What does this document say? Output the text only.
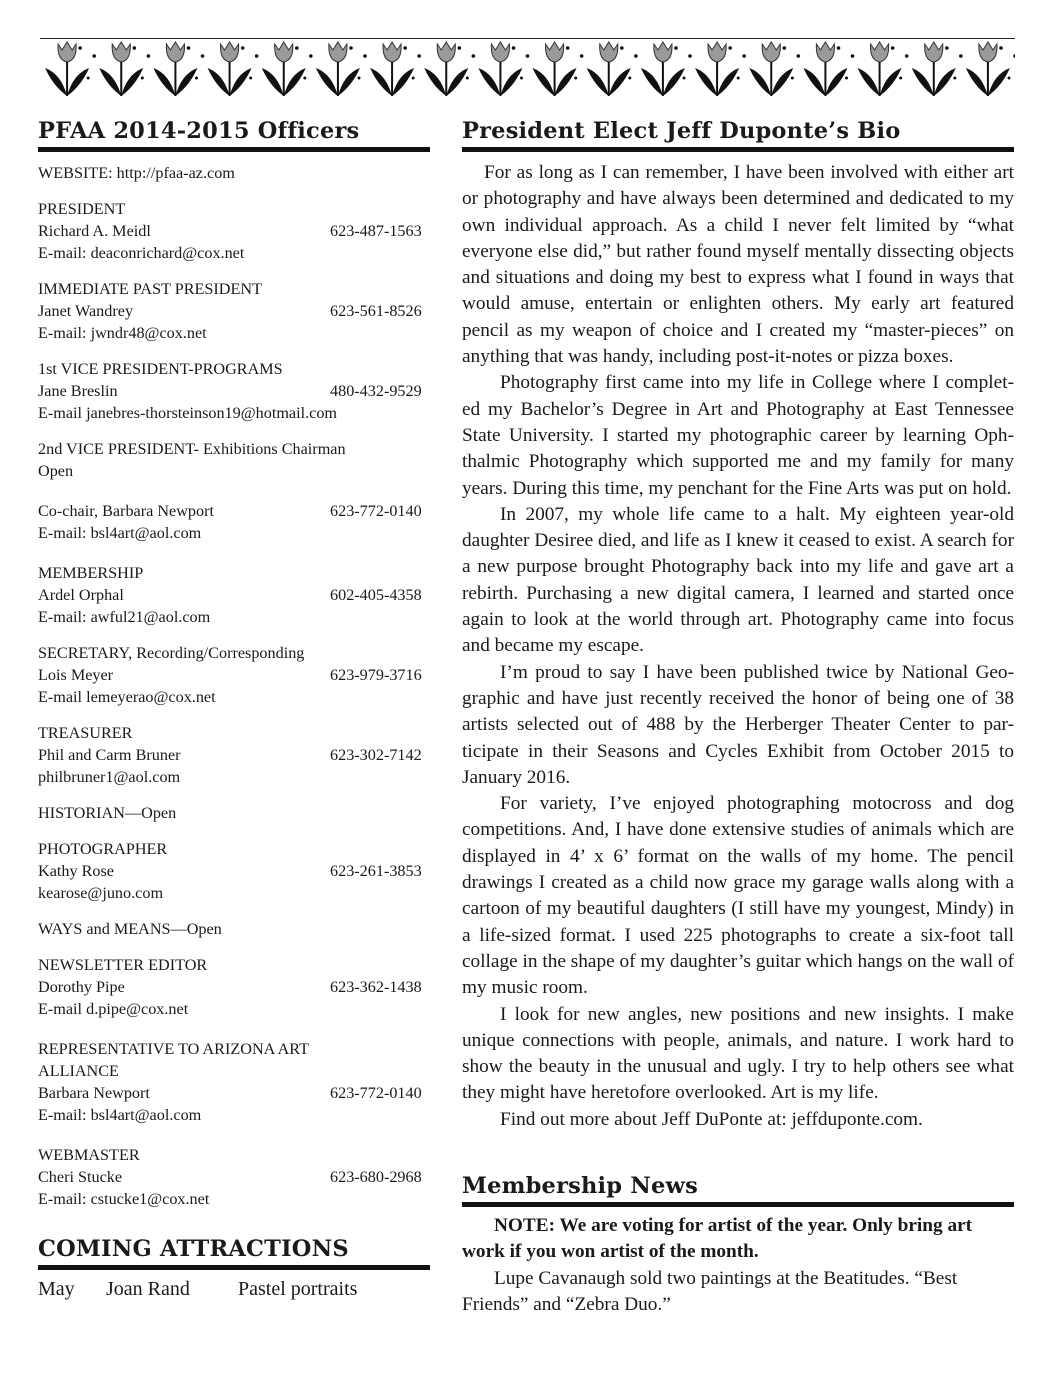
PFAA 2014-2015 Officers
WEBSITE: http://pfaa-az.com
PRESIDENT
Richard A. Meidl	623-487-1563
E-mail: deaconrichard@cox.net
IMMEDIATE PAST PRESIDENT
Janet Wandrey	623-561-8526
E-mail: jwndr48@cox.net
1st VICE PRESIDENT-PROGRAMS
Jane Breslin	480-432-9529
E-mail janebres-thorsteinson19@hotmail.com
2nd VICE PRESIDENT- Exhibitions Chairman
Open
Co-chair, Barbara Newport	623-772-0140
E-mail: bsl4art@aol.com
MEMBERSHIP
Ardel Orphal	602-405-4358
E-mail: awful21@aol.com
SECRETARY, Recording/Corresponding
Lois Meyer	623-979-3716
E-mail lemeyerao@cox.net
TREASURER
Phil and Carm Bruner	623-302-7142
philbruner1@aol.com
HISTORIAN—Open
PHOTOGRAPHER
Kathy Rose	623-261-3853
kearose@juno.com
WAYS and MEANS—Open
NEWSLETTER EDITOR
Dorothy Pipe	623-362-1438
E-mail d.pipe@cox.net
REPRESENTATIVE TO ARIZONA ART ALLIANCE
Barbara Newport	623-772-0140
E-mail: bsl4art@aol.com
WEBMASTER
Cheri Stucke	623-680-2968
E-mail: cstucke1@cox.net
COMING ATTRACTIONS
May	Joan Rand	Pastel portraits
President Elect Jeff Duponte’s Bio

For as long as I can remember, I have been involved with either art or photography and have always been determined and dedicated to my own individual approach. As a child I never felt limited by “what everyone else did,” but rather found myself mentally dissecting objects and situations and doing my best to express what I found in ways that would amuse, entertain or enlighten others. My early art featured pencil as my weapon of choice and I created my “master-pieces” on anything that was handy, including post-it-notes or pizza boxes.

Photography first came into my life in College where I complet-ed my Bachelor’s Degree in Art and Photography at East Tennessee State University. I started my photographic career by learning Oph-thalmic Photography which supported me and my family for many years. During this time, my penchant for the Fine Arts was put on hold.

In 2007, my whole life came to a halt. My eighteen year-old daughter Desiree died, and life as I knew it ceased to exist. A search for a new purpose brought Photography back into my life and gave art a rebirth. Purchasing a new digital camera, I learned and started once again to look at the world through art. Photography came into focus and became my escape.

I’m proud to say I have been published twice by National Geo-graphic and have just recently received the honor of being one of 38 artists selected out of 488 by the Herberger Theater Center to par-ticipate in their Seasons and Cycles Exhibit from October 2015 to January 2016.

For variety, I’ve enjoyed photographing motocross and dog competitions. And, I have done extensive studies of animals which are displayed in 4’ x 6’ format on the walls of my home. The pencil drawings I created as a child now grace my garage walls along with a cartoon of my beautiful daughters (I still have my youngest, Mindy) in a life-sized format. I used 225 photographs to create a six-foot tall collage in the shape of my daughter’s guitar which hangs on the wall of my music room.

I look for new angles, new positions and new insights. I make unique connections with people, animals, and nature. I work hard to show the beauty in the unusual and ugly. I try to help others see what they might have heretofore overlooked. Art is my life.

Find out more about Jeff DuPonte at: jeffduponte.com.

Membership News

NOTE: We are voting for artist of the year. Only bring art work if you won artist of the month.

Lupe Cavanaugh sold two paintings at the Beatitudes. “Best Friends” and “Zebra Duo.”
